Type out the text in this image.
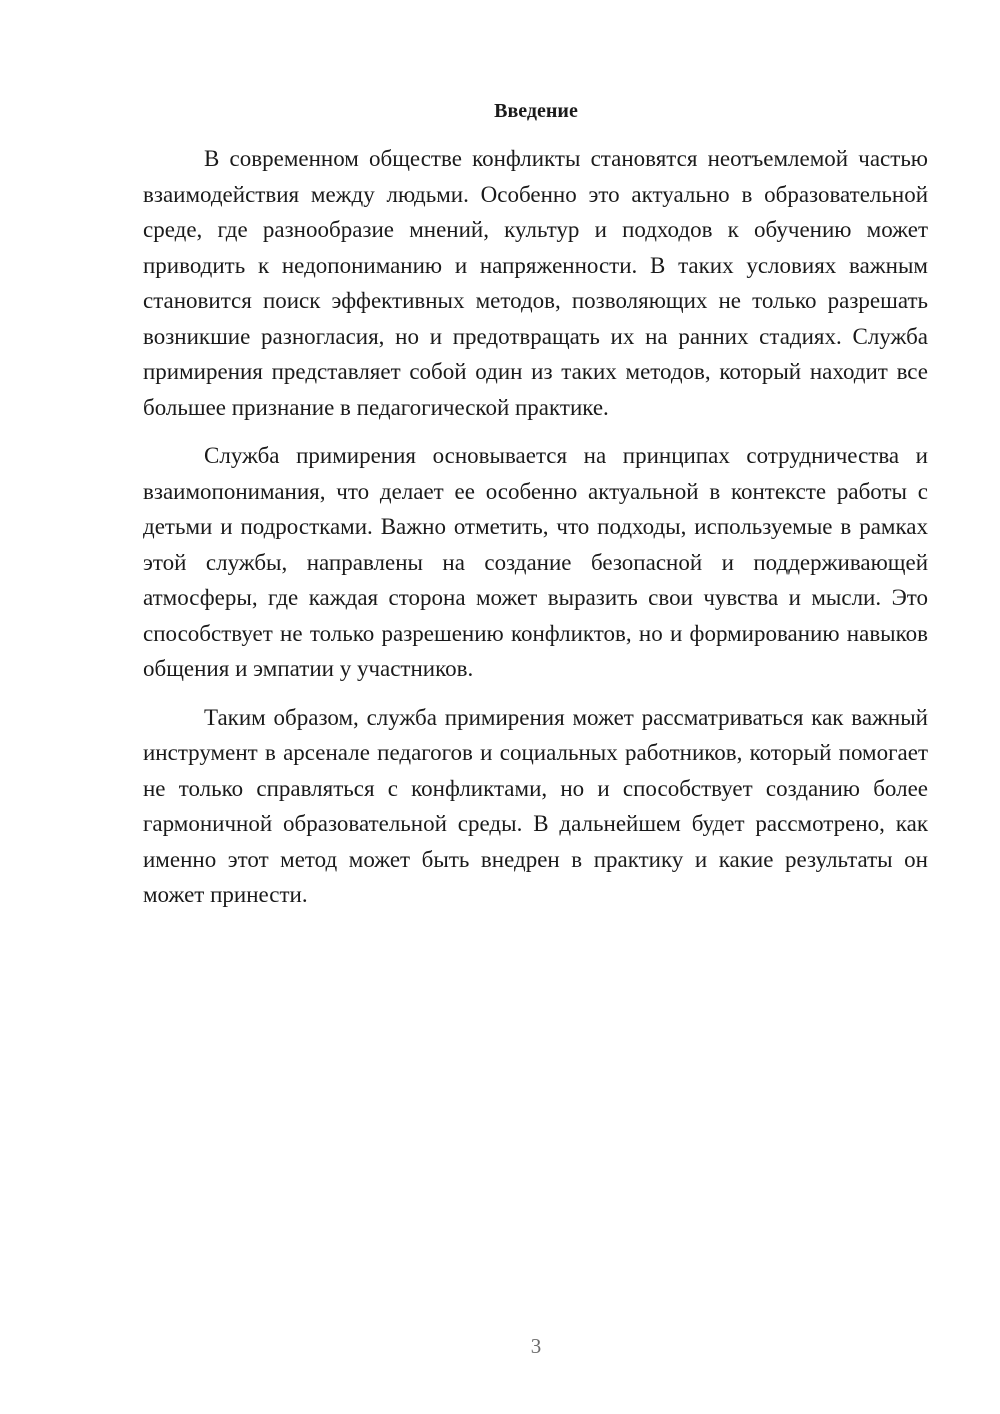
Введение

В современном обществе конфликты становятся неотъемлемой частью взаимодействия между людьми. Особенно это актуально в образовательной среде, где разнообразие мнений, культур и подходов к обучению может приводить к недопониманию и напряженности. В таких условиях важным становится поиск эффективных методов, позволяющих не только разрешать возникшие разногласия, но и предотвращать их на ранних стадиях. Служба примирения представляет собой один из таких методов, который находит все большее признание в педагогической практике.

Служба примирения основывается на принципах сотрудничества и взаимопонимания, что делает ее особенно актуальной в контексте работы с детьми и подростками. Важно отметить, что подходы, используемые в рамках этой службы, направлены на создание безопасной и поддерживающей атмосферы, где каждая сторона может выразить свои чувства и мысли. Это способствует не только разрешению конфликтов, но и формированию навыков общения и эмпатии у участников.

Таким образом, служба примирения может рассматриваться как важный инструмент в арсенале педагогов и социальных работников, который помогает не только справляться с конфликтами, но и способствует созданию более гармоничной образовательной среды. В дальнейшем будет рассмотрено, как именно этот метод может быть внедрен в практику и какие результаты он может принести.

3
